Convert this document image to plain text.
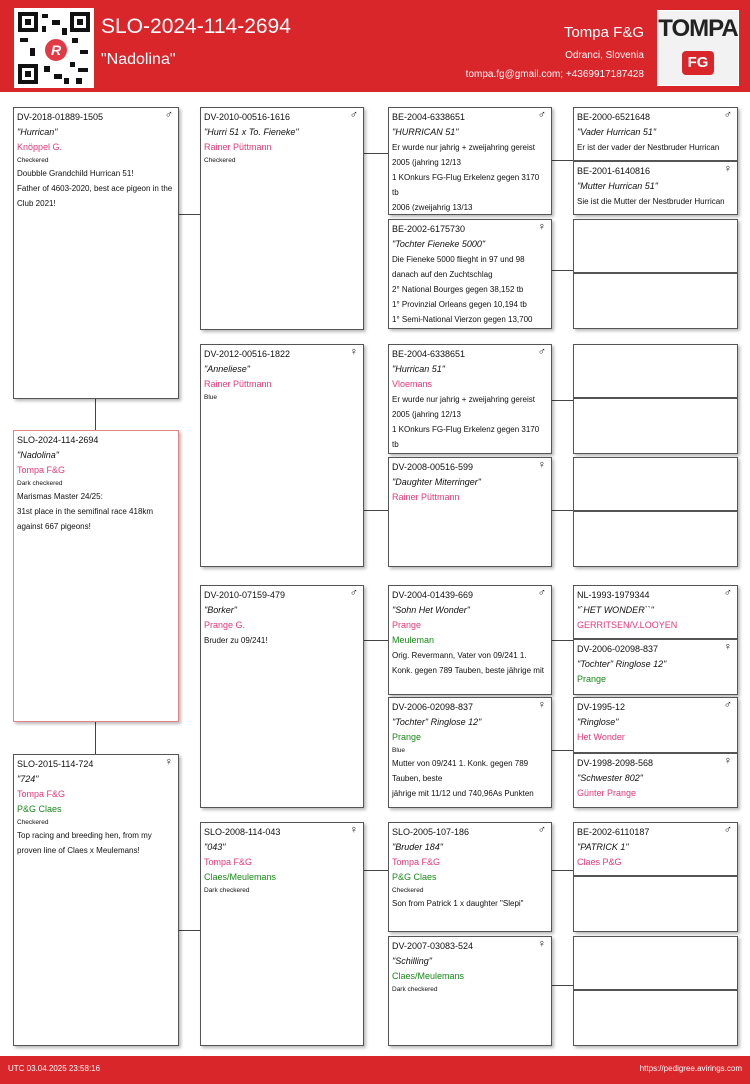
R
SLO-2024-114-2694
"Nadolina"
Tompa F&G
Odranci, Slovenia
tompa.fg@gmail.com; +4369917187428
TOMPA
FG
DV-2018-01889-1505	♂
"Hurrican"
Knöppel G.
Checkered
Doubble Grandchild Hurrican 51!
Father of 4603-2020, best ace pigeon in the Club 2021!
SLO-2024-114-2694
"Nadolina"
Tompa F&G
Dark checkered
Marismas Master 24/25:
31st place in the semifinal race 418km against 667 pigeons!
SLO-2015-114-724	♀
"724"
Tompa F&G
P&G Claes
Checkered
Top racing and breeding hen, from my proven line of Claes x Meulemans!
DV-2010-00516-1616	♂
"Hurri 51 x To. Fieneke"
Rainer Püttmann
Checkered
DV-2012-00516-1822	♀
"Anneliese"
Rainer Püttmann
Blue
DV-2010-07159-479	♂
"Borker"
Prange G.
Bruder zu 09/241!
SLO-2008-114-043	♀
"043"
Tompa F&G
Claes/Meulemans
Dark checkered
BE-2004-6338651	♂
"HURRICAN 51"
Er wurde nur jahrig + zweijahring gereist
2005 (jahring 12/13
1 KOnkurs FG-Flug Erkelenz gegen 3170 tb
2006 (zweijahrig 13/13
BE-2002-6175730	♀
"Tochter Fieneke 5000"
Die Fieneke 5000 flieght in 97 und 98 danach auf den Zuchtschlag
2° National Bourges gegen 38,152 tb
1° Provinzial Orleans gegen 10,194 tb
1° Semi-National Vierzon gegen 13,700
BE-2004-6338651	♂
"Hurrican 51"
Vloemans
Er wurde nur jahrig + zweijahring gereist
2005 (jahring 12/13
1 KOnkurs FG-Flug Erkelenz gegen 3170 tb
DV-2008-00516-599	♀
"Daughter Miterringer"
Rainer Püttmann
DV-2004-01439-669	♂
"Sohn Het Wonder"
Prange
Meuleman
Orig. Revermann, Vater von 09/241 1. Konk. gegen 789 Tauben, beste jährige mit
DV-2006-02098-837	♀
"Tochter" Ringlose 12"
Prange
Blue
Mutter von 09/241 1. Konk. gegen 789 Tauben, beste
jährige mit 11/12 und 740,96As Punkten
SLO-2005-107-186	♂
"Bruder 184"
Tompa F&G
P&G Claes
Checkered
Son from Patrick 1 x daughter "Slepi"
DV-2007-03083-524	♀
"Schilling"
Claes/Meulemans
Dark checkered
BE-2000-6521648	♂
"Vader Hurrican 51"
Er ist der vader der Nestbruder Hurrican
BE-2001-6140816	♀
"Mutter Hurrican 51"
Sie ist die Mutter der Nestbruder Hurrican
NL-1993-1979344	♂
"`HET WONDER``"
GERRITSEN/V.LOOYEN
DV-2006-02098-837	♀
"Tochter" Ringlose 12"
Prange
DV-1995-12	♂
"Ringlose"
Het Wonder
DV-1998-2098-568	♀
"Schwester 802"
Günter Prange
BE-2002-6110187	♂
"PATRICK 1"
Claes P&G
UTC 03.04.2025 23:58:16	https://pedigree.avirings.com
